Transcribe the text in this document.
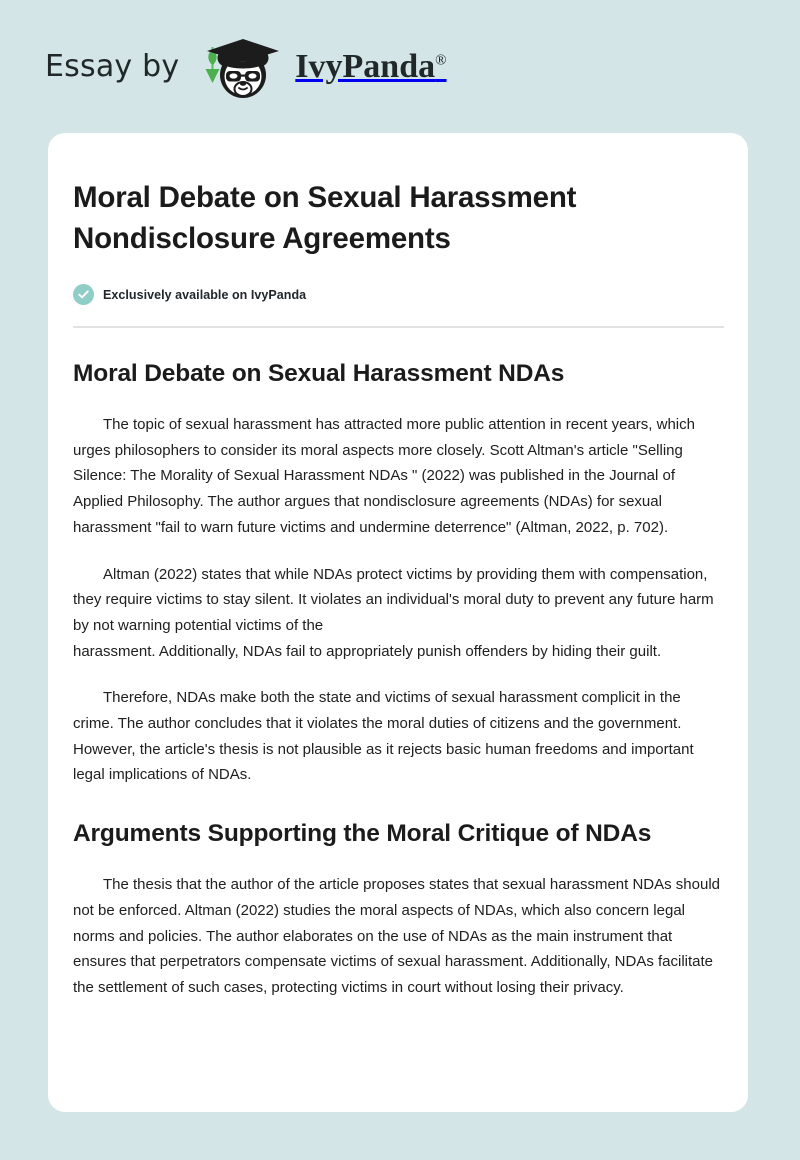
Essay by	IvyPanda®
Moral Debate on Sexual Harassment Nondisclosure Agreements
Exclusively available on IvyPanda
Moral Debate on Sexual Harassment NDAs

The topic of sexual harassment has attracted more public attention in recent years, which urges philosophers to consider its moral aspects more closely. Scott Altman's article "Selling Silence: The Morality of Sexual Harassment NDAs " (2022) was published in the Journal of Applied Philosophy. The author argues that nondisclosure agreements (NDAs) for sexual harassment "fail to warn future victims and undermine deterrence" (Altman, 2022, p. 702).

Altman (2022) states that while NDAs protect victims by providing them with compensation, they require victims to stay silent. It violates an individual's moral duty to prevent any future harm by not warning potential victims of the
harassment. Additionally, NDAs fail to appropriately punish offenders by hiding their guilt.

Therefore, NDAs make both the state and victims of sexual harassment complicit in the crime. The author concludes that it violates the moral duties of citizens and the government. However, the article's thesis is not plausible as it rejects basic human freedoms and important legal implications of NDAs.

Arguments Supporting the Moral Critique of NDAs

The thesis that the author of the article proposes states that sexual harassment NDAs should not be enforced. Altman (2022) studies the moral aspects of NDAs, which also concern legal norms and policies. The author elaborates on the use of NDAs as the main instrument that ensures that perpetrators compensate victims of sexual harassment. Additionally, NDAs facilitate the settlement of such cases, protecting victims in court without losing their privacy.
